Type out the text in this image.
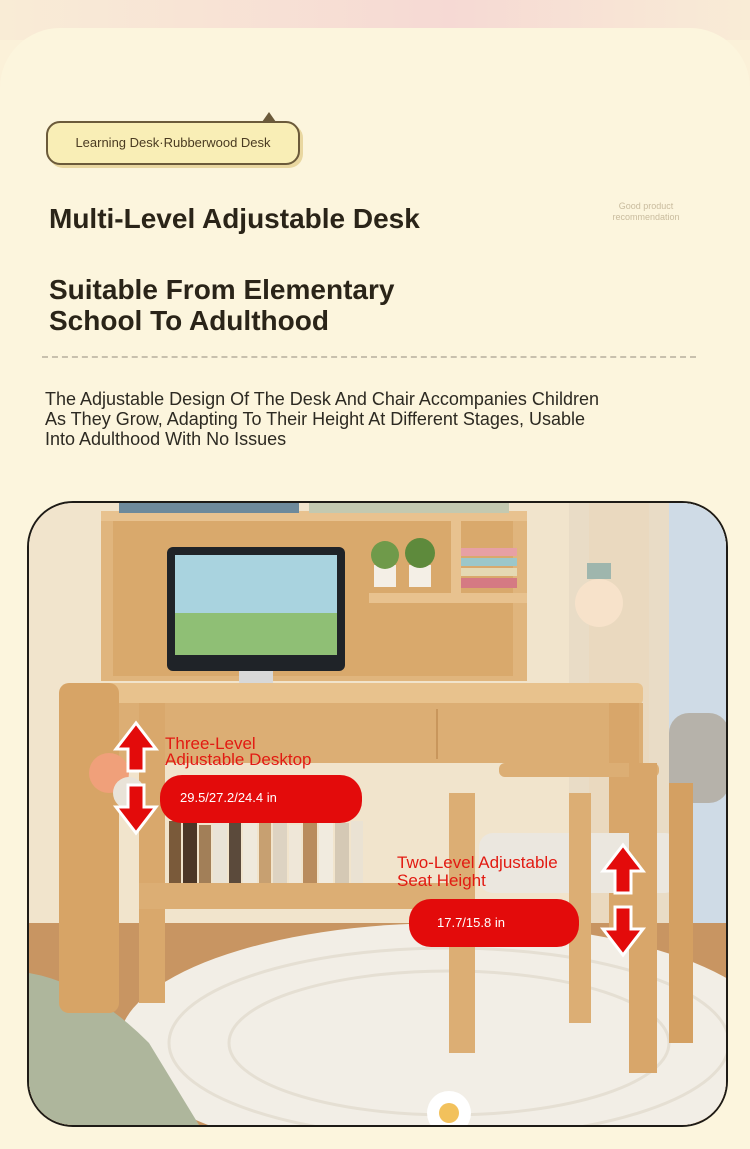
Learning Desk·Rubberwood Desk
Good product
recommendation
Multi-Level Adjustable Desk
Suitable From Elementary School To Adulthood
The Adjustable Design Of The Desk And Chair Accompanies Children As They Grow, Adapting To Their Height At Different Stages, Usable Into Adulthood With No Issues
Three-Level
Adjustable Desktop
29.5/27.2/24.4 in
Two-Level Adjustable
Seat Height
17.7/15.8 in
